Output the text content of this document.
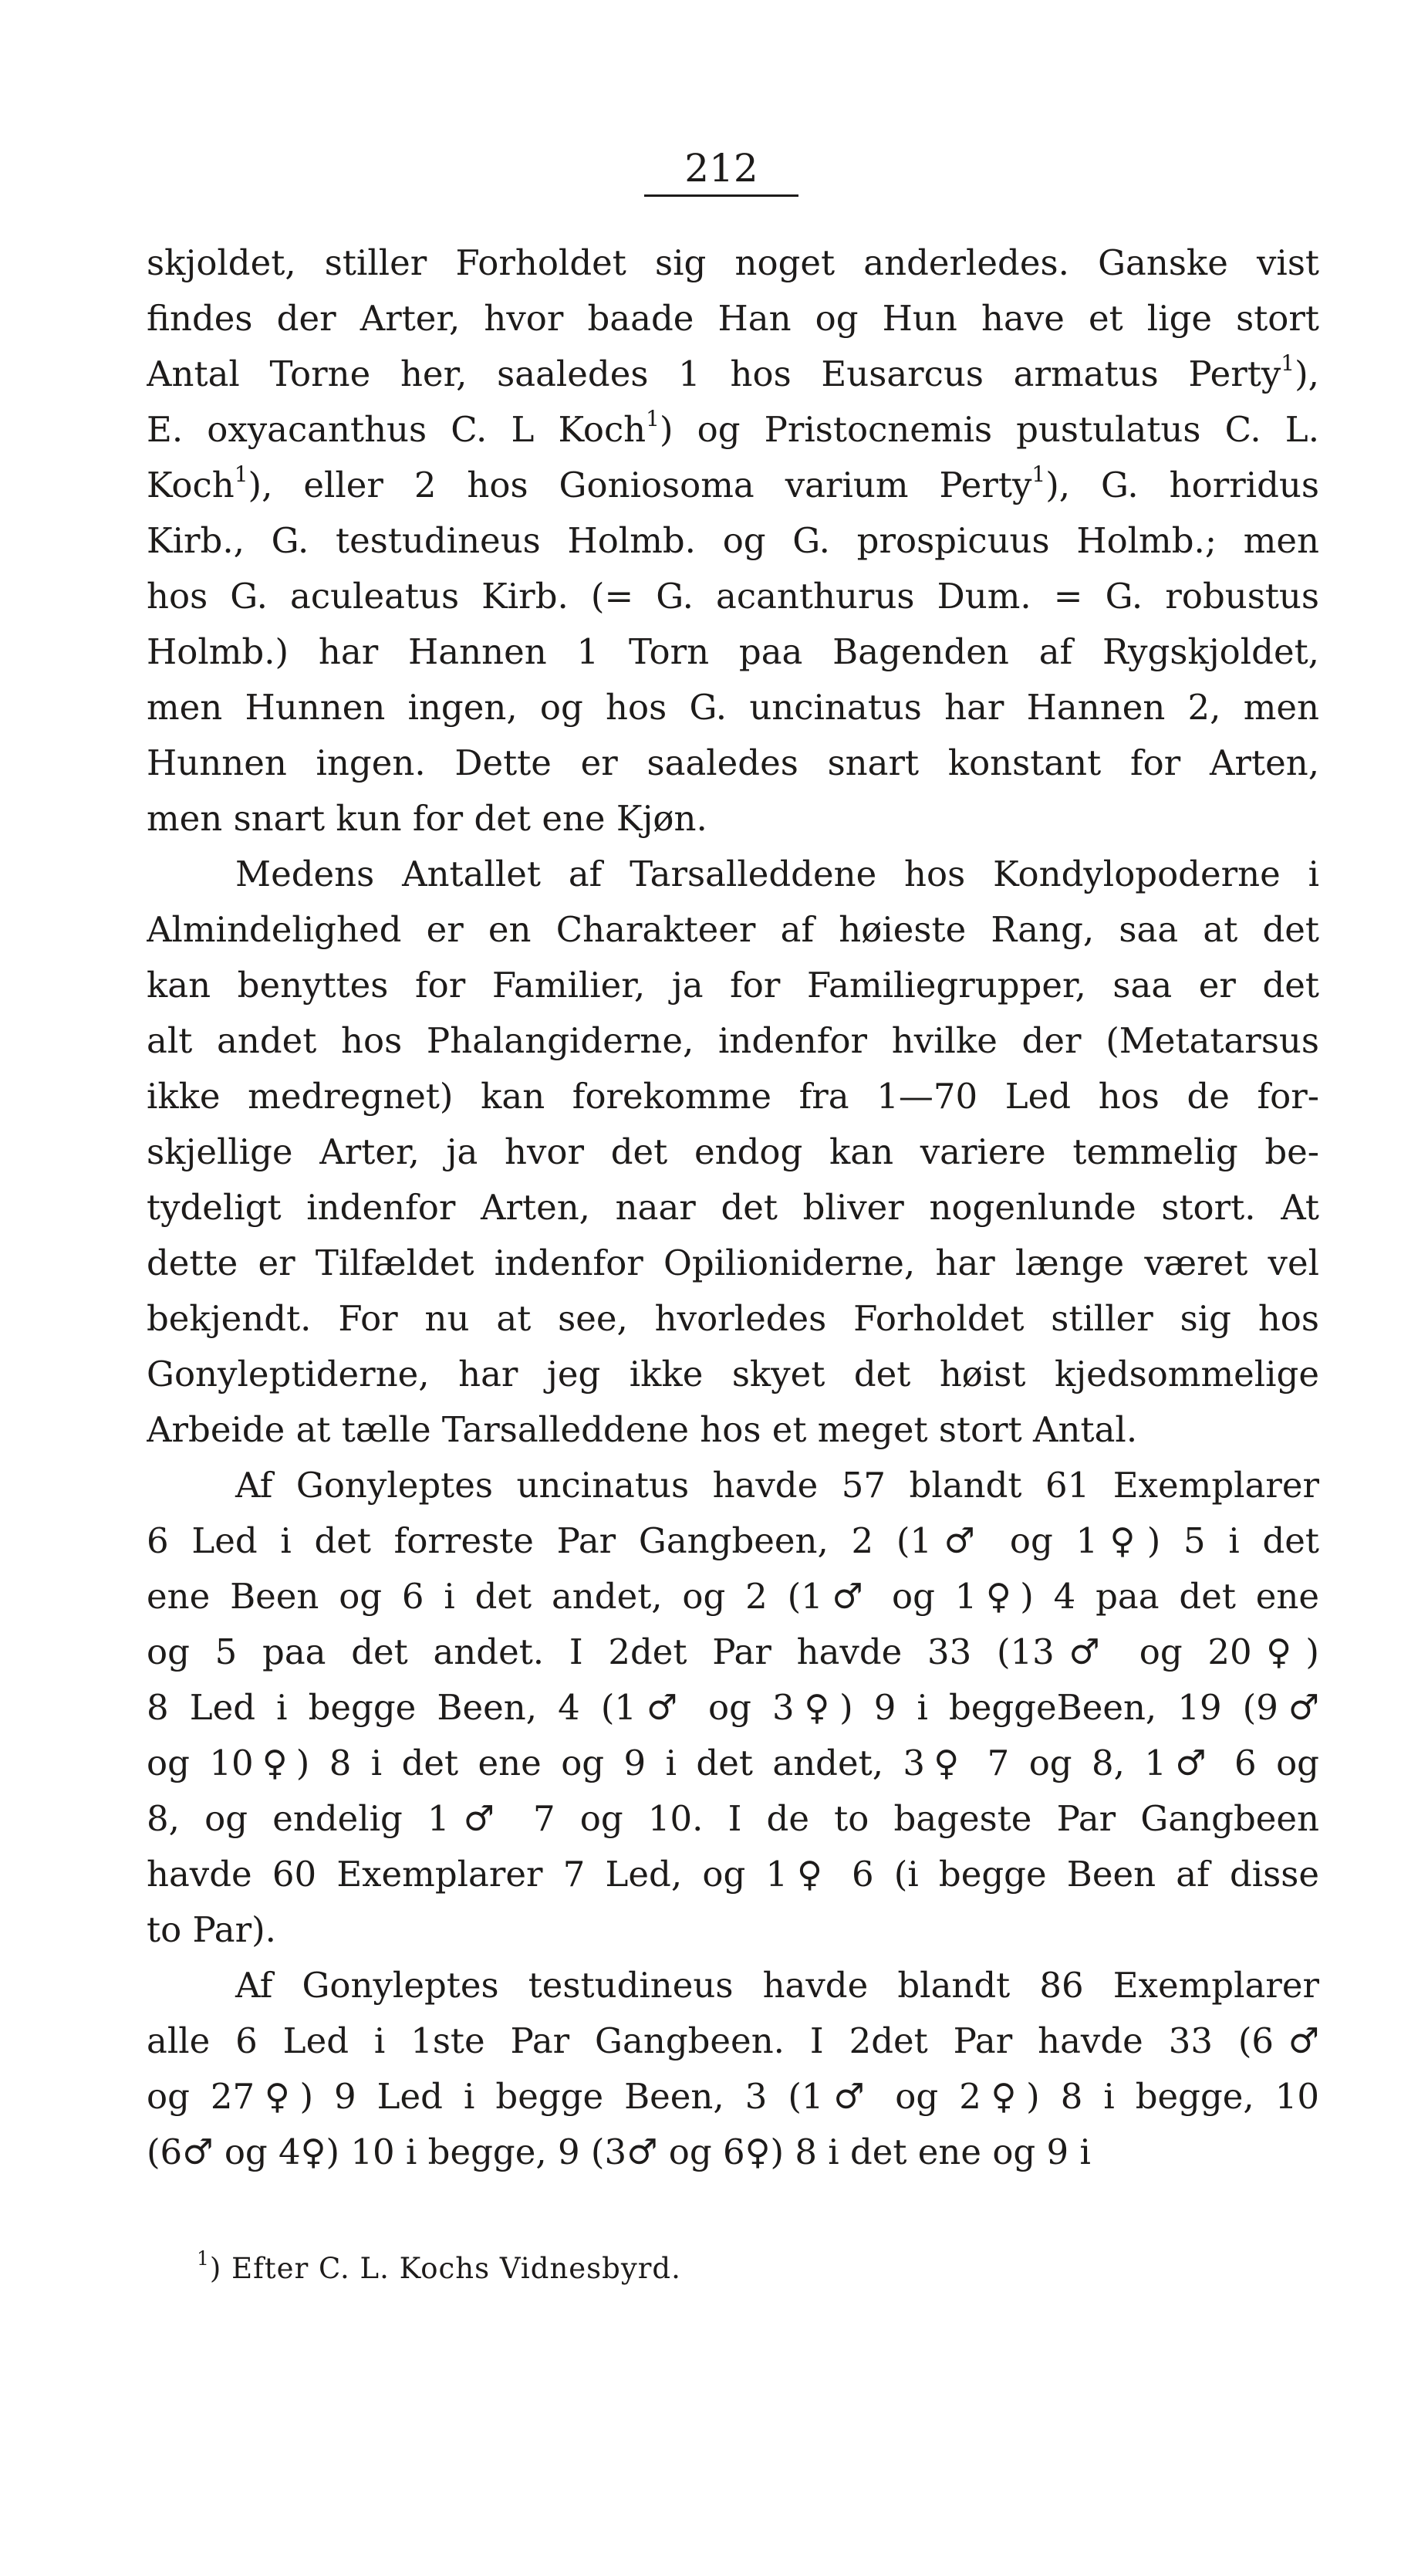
212
skjoldet, stiller Forholdet sig noget anderledes. Ganske vist
findes der Arter, hvor baade Han og Hun have et lige stort
Antal Torne her, saaledes 1 hos Eusarcus armatus Perty$^1$),
E. oxyacanthus C. L Koch$^1$) og Pristocnemis pustulatus C. L.
Koch$^1$), eller 2 hos Goniosoma varium Perty$^1$), G. horridus
Kirb., G. testudineus Holmb. og G. prospicuus Holmb.; men
hos G. aculeatus Kirb. (= G. acanthurus Dum. = G. robustus
Holmb.) har Hannen 1 Torn paa Bagenden af Rygskjoldet,
men Hunnen ingen, og hos G. uncinatus har Hannen 2, men
Hunnen ingen. Dette er saaledes snart konstant for Arten,
men snart kun for det ene Kjøn.
Medens Antallet af Tarsalleddene hos Kondylopoderne i
Almindelighed er en Charakteer af høieste Rang, saa at det
kan benyttes for Familier, ja for Familiegrupper, saa er det
alt andet hos Phalangiderne, indenfor hvilke der (Metatarsus
ikke medregnet) kan forekomme fra 1—70 Led hos de for-
skjellige Arter, ja hvor det endog kan variere temmelig be-
tydeligt indenfor Arten, naar det bliver nogenlunde stort. At
dette er Tilfældet indenfor Opilioniderne, har længe været vel
bekjendt. For nu at see, hvorledes Forholdet stiller sig hos
Gonyleptiderne, har jeg ikke skyet det høist kjedsommelige
Arbeide at tælle Tarsalleddene hos et meget stort Antal.
Af Gonyleptes uncinatus havde 57 blandt 61 Exemplarer
6 Led i det forreste Par Gangbeen, 2 (1♂ og 1♀) 5 i det
ene Been og 6 i det andet, og 2 (1♂ og 1♀) 4 paa det ene
og 5 paa det andet. I 2det Par havde 33 (13♂ og 20♀)
8 Led i begge Been, 4 (1♂ og 3♀) 9 i beggeBeen, 19 (9♂
og 10♀) 8 i det ene og 9 i det andet, 3♀ 7 og 8, 1♂ 6 og
8, og endelig 1♂ 7 og 10. I de to bageste Par Gangbeen
havde 60 Exemplarer 7 Led, og 1♀ 6 (i begge Been af disse
to Par).
Af Gonyleptes testudineus havde blandt 86 Exemplarer
alle 6 Led i 1ste Par Gangbeen. I 2det Par havde 33 (6♂
og 27♀) 9 Led i begge Been, 3 (1♂ og 2♀) 8 i begge, 10
(6♂ og 4♀) 10 i begge, 9 (3♂ og 6♀) 8 i det ene og 9 i
$^1$) Efter C. L. Kochs Vidnesbyrd.
